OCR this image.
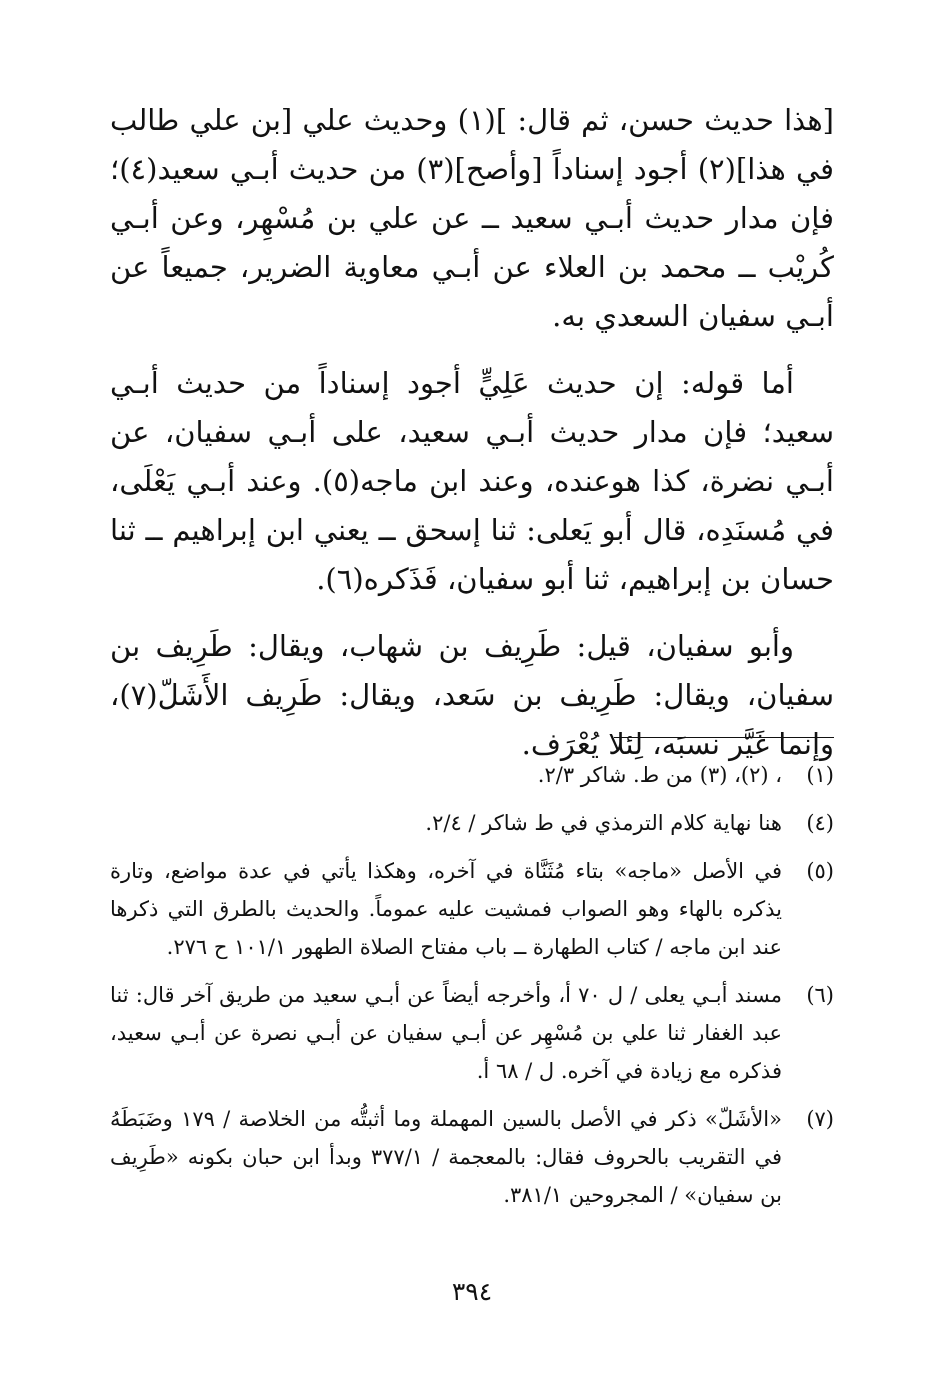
[هذا حديث حسن، ثم قال: ](١) وحديث علي [بن علي طالب في هذا](٢) أجود إسناداً [وأصح](٣) من حديث أبـي سعيد(٤)؛ فإن مدار حديث أبـي سعيد ــ عن علي بن مُسْهِر، وعن أبـي كُريْب ــ محمد بن العلاء عن أبـي معاوية الضرير، جميعاً عن أبـي سفيان السعدي به.

أما قوله: إن حديث عَلِيٍّ أجود إسناداً من حديث أبـي سعيد؛ فإن مدار حديث أبـي سعيد، على أبـي سفيان، عن أبـي نضرة، كذا هوعنده، وعند ابن ماجه(٥). وعند أبـي يَعْلَى، في مُسنَدِه، قال أبو يَعلى: ثنا إسحق ــ يعني ابن إبراهيم ــ ثنا حسان بن إبراهيم، ثنا أبو سفيان، فَذَكره(٦).

وأبو سفيان، قيل: طَرِيف بن شهاب، ويقال: طَرِيف بن سفيان، ويقال: طَرِيف بن سَعد، ويقال: طَرِيف الأَشَلّ(٧)، وإنما غَيَّر نسبَه، لِئلا يُعْرَف.

(١)
، (٢)، (٣) من ط. شاكر ٢/٣.
(٤)
هنا نهاية كلام الترمذي في ط شاكر / ٢/٤.
(٥)
في الأصل «ماجه» بتاء مُثَنَّاة في آخره، وهكذا يأتي في عدة مواضع، وتارة يذكره بالهاء وهو الصواب فمشيت عليه عموماً. والحديث بالطرق التي ذكرها عند ابن ماجه / كتاب الطهارة ــ باب مفتاح الصلاة الطهور ١٠١/١ ح ٢٧٦.
(٦)
مسند أبـي يعلى / ل ٧٠ أ، وأخرجه أيضاً عن أبـي سعيد من طريق آخر قال: ثنا عبد الغفار ثنا علي بن مُسْهِر عن أبـي سفيان عن أبـي نصرة عن أبـي سعيد، فذكره مع زيادة في آخره. ل / ٦٨ أ.
(٧)
«الأشَلّ» ذكر في الأصل بالسين المهملة وما أثبتُّه من الخلاصة / ١٧٩ وضَبَطَهُ في التقريب بالحروف فقال: بالمعجمة / ٣٧٧/١ وبدأ ابن حبان بكونه «طَرِيف بن سفيان» / المجروحين ٣٨١/١.
٣٩٤
